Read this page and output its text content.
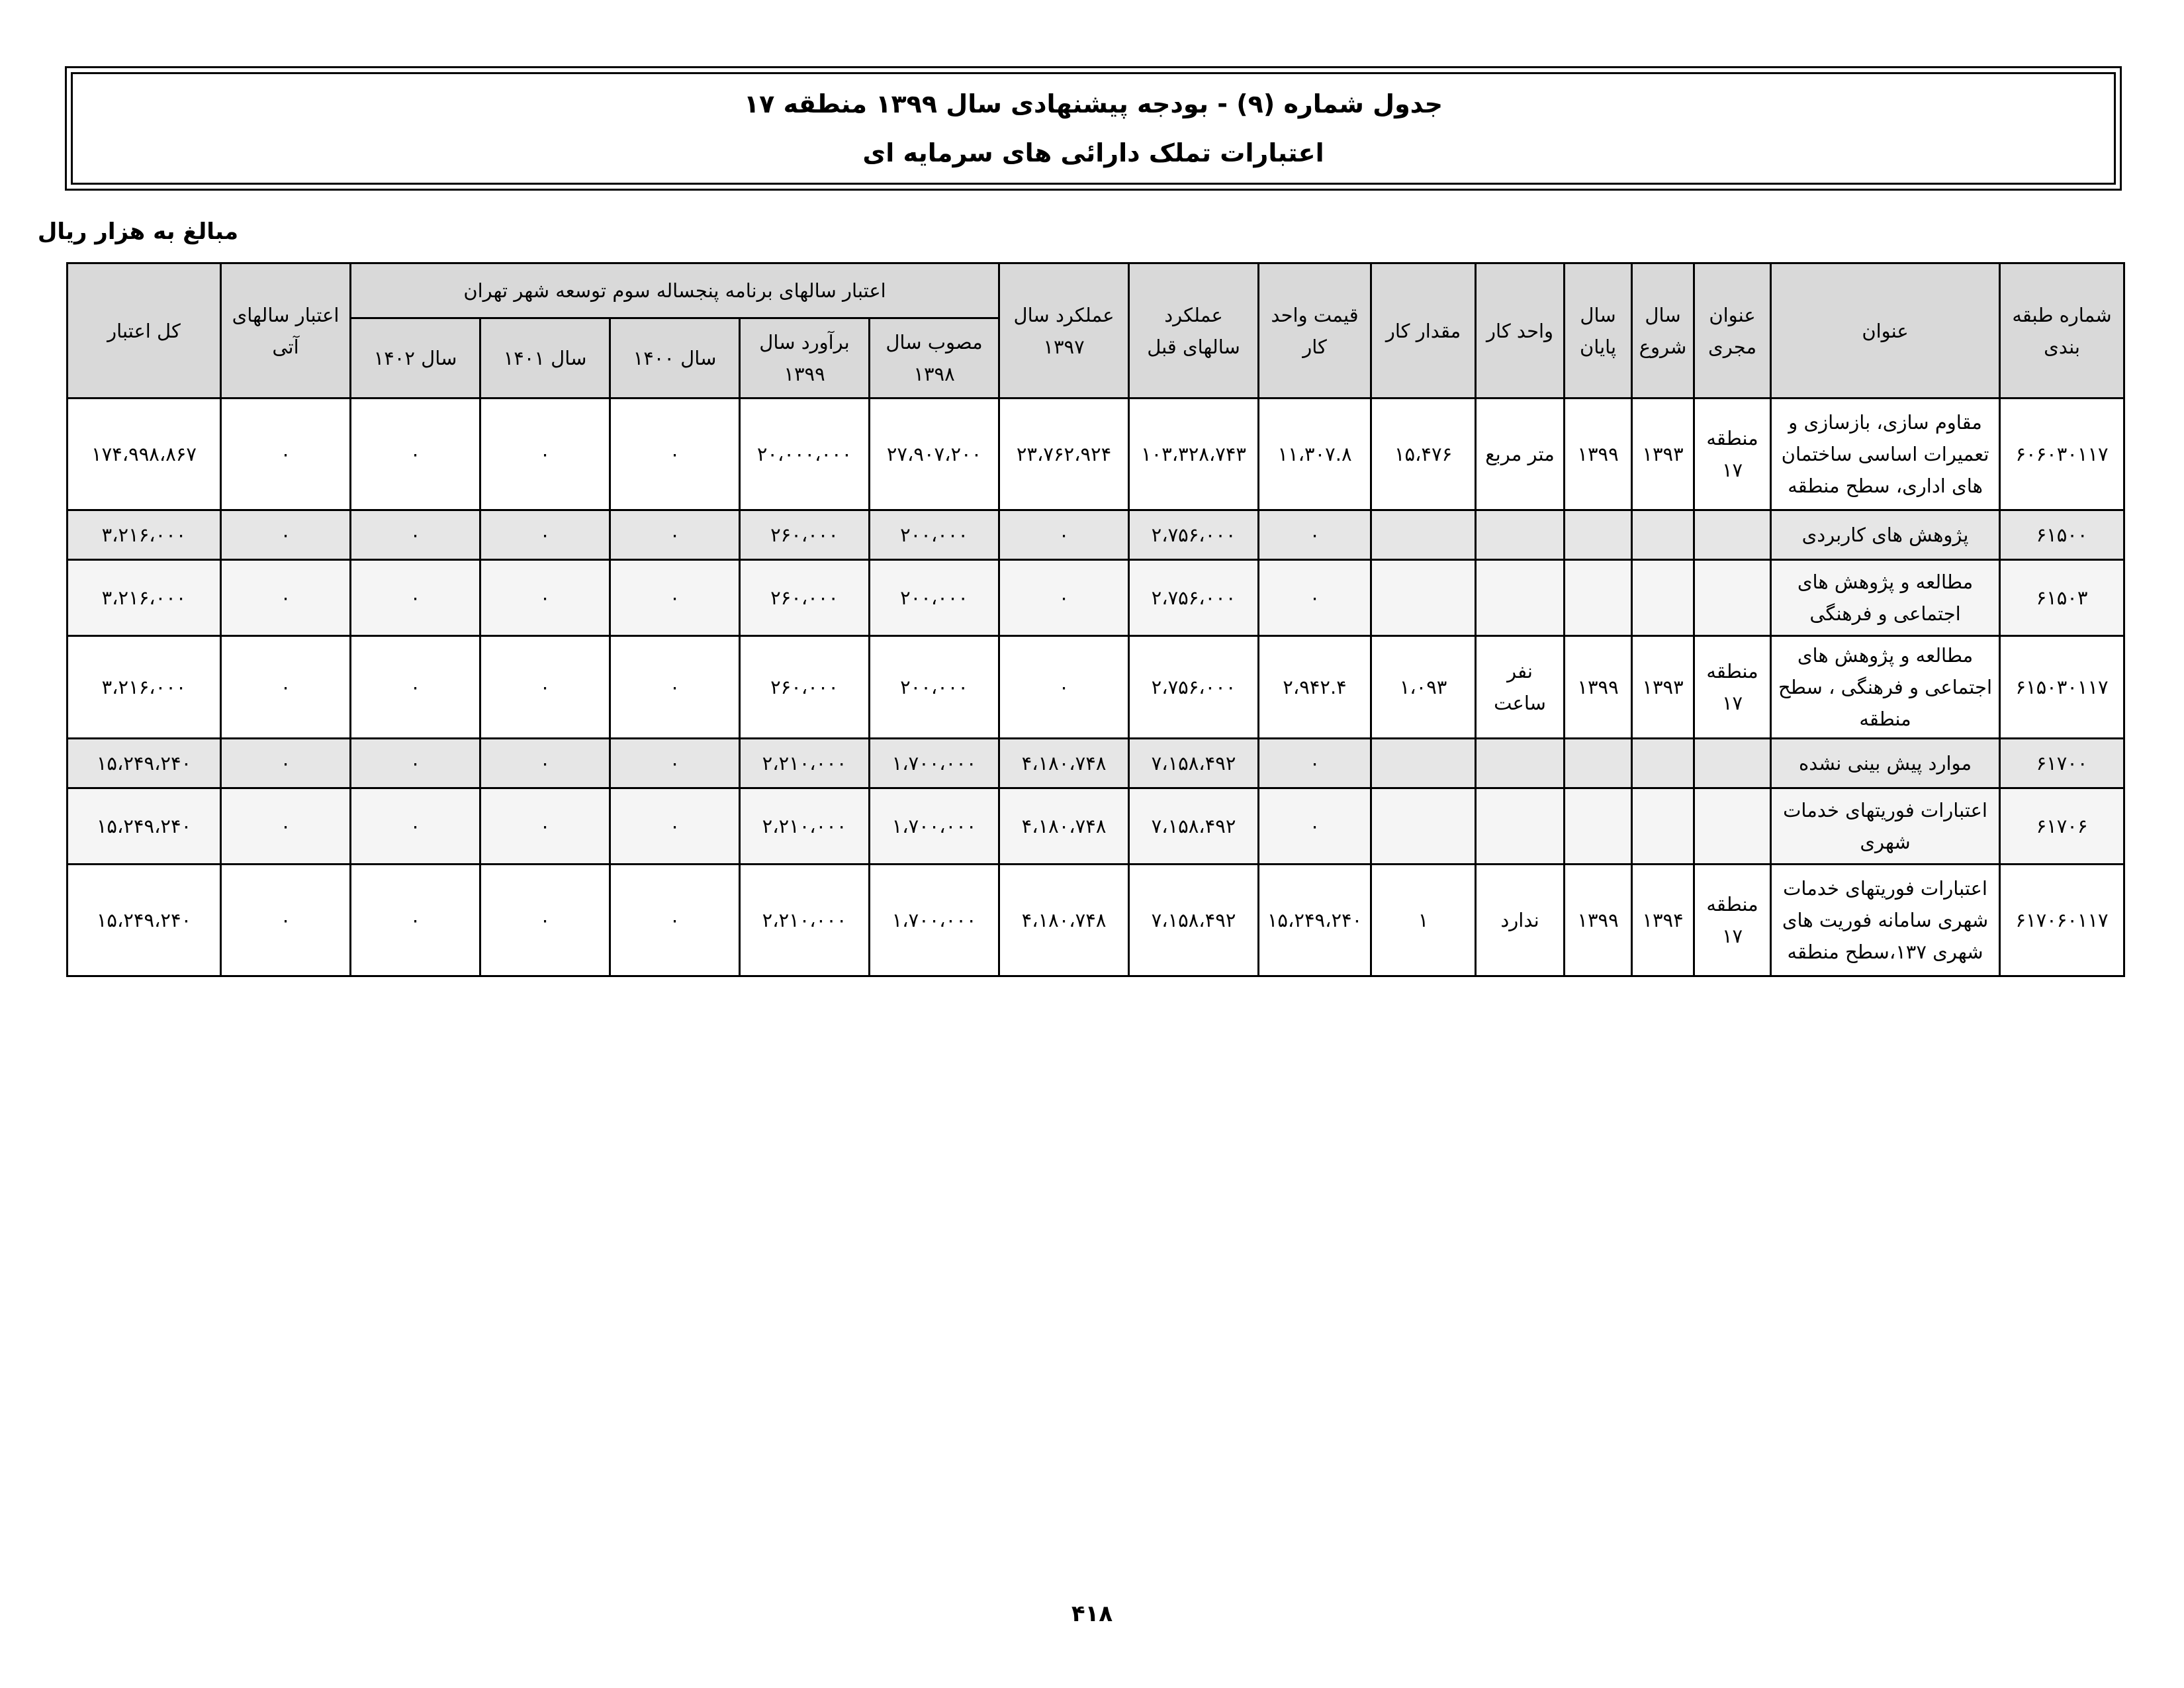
جدول شماره (۹) - بودجه پیشنهادی سال ۱۳۹۹ منطقه ۱۷
اعتبارات تملک دارائی های سرمایه ای
مبالغ به هزار ریال
شماره طبقه بندی	عنوان	عنوان مجری	سال شروع	سال پایان	واحد کار	مقدار کار	قیمت واحد کار	عملکرد سالهای قبل	عملکرد سال ۱۳۹۷	اعتبار سالهای برنامه پنجساله سوم توسعه شهر تهران					اعتبار سالهای آتی	کل اعتبار
										مصوب سال ۱۳۹۸	برآورد سال ۱۳۹۹	سال ۱۴۰۰	سال ۱۴۰۱	سال ۱۴۰۲		
۶۰۶۰۳۰۱۱۷	مقاوم سازی، بازسازی و تعمیرات اساسی ساختمان های اداری، سطح منطقه	منطقه ۱۷	۱۳۹۳	۱۳۹۹	متر مربع	۱۵،۴۷۶	۱۱،۳۰۷.۸	۱۰۳،۳۲۸،۷۴۳	۲۳،۷۶۲،۹۲۴	۲۷،۹۰۷،۲۰۰	۲۰،۰۰۰،۰۰۰	۰	۰	۰	۰	۱۷۴،۹۹۸،۸۶۷
۶۱۵۰۰	پژوهش های کاربردی						۰	۲،۷۵۶،۰۰۰	۰	۲۰۰،۰۰۰	۲۶۰،۰۰۰	۰	۰	۰	۰	۳،۲۱۶،۰۰۰
۶۱۵۰۳	مطالعه و پژوهش های اجتماعی و فرهنگی						۰	۲،۷۵۶،۰۰۰	۰	۲۰۰،۰۰۰	۲۶۰،۰۰۰	۰	۰	۰	۰	۳،۲۱۶،۰۰۰
۶۱۵۰۳۰۱۱۷	مطالعه و پژوهش های اجتماعی و فرهنگی ، سطح منطقه	منطقه ۱۷	۱۳۹۳	۱۳۹۹	نفر ساعت	۱،۰۹۳	۲،۹۴۲.۴	۲،۷۵۶،۰۰۰	۰	۲۰۰،۰۰۰	۲۶۰،۰۰۰	۰	۰	۰	۰	۳،۲۱۶،۰۰۰
۶۱۷۰۰	موارد پیش بینی نشده						۰	۷،۱۵۸،۴۹۲	۴،۱۸۰،۷۴۸	۱،۷۰۰،۰۰۰	۲،۲۱۰،۰۰۰	۰	۰	۰	۰	۱۵،۲۴۹،۲۴۰
۶۱۷۰۶	اعتبارات فوریتهای خدمات شهری						۰	۷،۱۵۸،۴۹۲	۴،۱۸۰،۷۴۸	۱،۷۰۰،۰۰۰	۲،۲۱۰،۰۰۰	۰	۰	۰	۰	۱۵،۲۴۹،۲۴۰
۶۱۷۰۶۰۱۱۷	اعتبارات فوریتهای خدمات شهری سامانه فوریت های شهری ۱۳۷،سطح منطقه	منطقه ۱۷	۱۳۹۴	۱۳۹۹	ندارد	۱	۱۵،۲۴۹،۲۴۰	۷،۱۵۸،۴۹۲	۴،۱۸۰،۷۴۸	۱،۷۰۰،۰۰۰	۲،۲۱۰،۰۰۰	۰	۰	۰	۰	۱۵،۲۴۹،۲۴۰
۴۱۸
